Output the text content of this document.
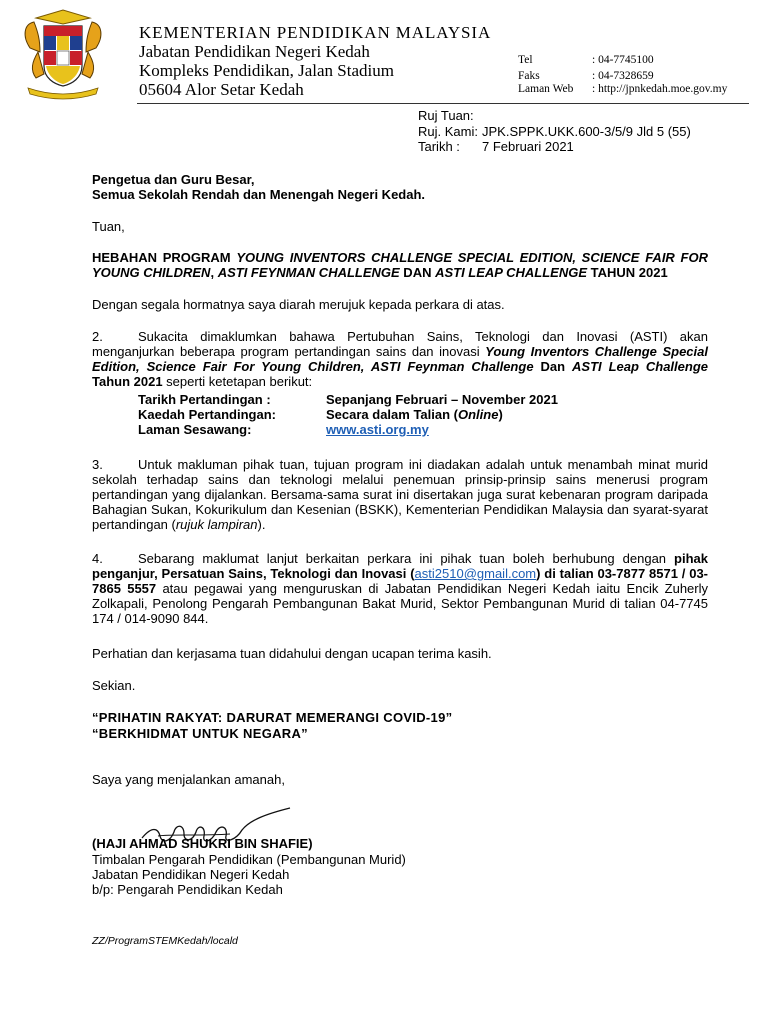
KEMENTERIAN PENDIDIKAN MALAYSIA
Jabatan Pendidikan Negeri Kedah
Kompleks Pendidikan, Jalan Stadium
05604 Alor Setar Kedah
Tel	: 04-7745100
Faks	: 04-7328659
Laman Web : http://jpnkedah.moe.gov.my
Ruj Tuan:
Ruj. Kami: JPK.SPPK.UKK.600-3/5/9 Jld 5 (55)
Tarikh : 7 Februari 2021
Pengetua dan Guru Besar,
Semua Sekolah Rendah dan Menengah Negeri Kedah.
Tuan,
HEBAHAN PROGRAM YOUNG INVENTORS CHALLENGE SPECIAL EDITION, SCIENCE FAIR FOR YOUNG CHILDREN, ASTI FEYNMAN CHALLENGE DAN ASTI LEAP CHALLENGE TAHUN 2021
Dengan segala hormatnya saya diarah merujuk kepada perkara di atas.
2.	Sukacita dimaklumkan bahawa Pertubuhan Sains, Teknologi dan Inovasi (ASTI) akan menganjurkan beberapa program pertandingan sains dan inovasi Young Inventors Challenge Special Edition, Science Fair For Young Children, ASTI Feynman Challenge Dan ASTI Leap Challenge Tahun 2021 seperti ketetapan berikut:
Tarikh Pertandingan :	Sepanjang Februari – November 2021
Kaedah Pertandingan:	Secara dalam Talian (Online)
Laman Sesawang:	www.asti.org.my
3.	Untuk makluman pihak tuan, tujuan program ini diadakan adalah untuk menambah minat murid sekolah terhadap sains dan teknologi melalui penemuan prinsip-prinsip sains menerusi program pertandingan yang dijalankan. Bersama-sama surat ini disertakan juga surat kebenaran program daripada Bahagian Sukan, Kokurikulum dan Kesenian (BSKK), Kementerian Pendidikan Malaysia dan syarat-syarat pertandingan (rujuk lampiran).
4.	Sebarang maklumat lanjut berkaitan perkara ini pihak tuan boleh berhubung dengan pihak penganjur, Persatuan Sains, Teknologi dan Inovasi (asti2510@gmail.com) di talian 03-7877 8571 / 03-7865 5557 atau pegawai yang menguruskan di Jabatan Pendidikan Negeri Kedah iaitu Encik Zuherly Zolkapali, Penolong Pengarah Pembangunan Bakat Murid, Sektor Pembangunan Murid di talian 04-7745 174 / 014-9090 844.
Perhatian dan kerjasama tuan didahului dengan ucapan terima kasih.
Sekian.
“PRIHATIN RAKYAT: DARURAT MEMERANGI COVID-19”
“BERKHIDMAT UNTUK NEGARA”
Saya yang menjalankan amanah,
(HAJI AHMAD SHUKRI BIN SHAFIE)
Timbalan Pengarah Pendidikan (Pembangunan Murid)
Jabatan Pendidikan Negeri Kedah
b/p: Pengarah Pendidikan Kedah
ZZ/ProgramSTEMKedah/locald
